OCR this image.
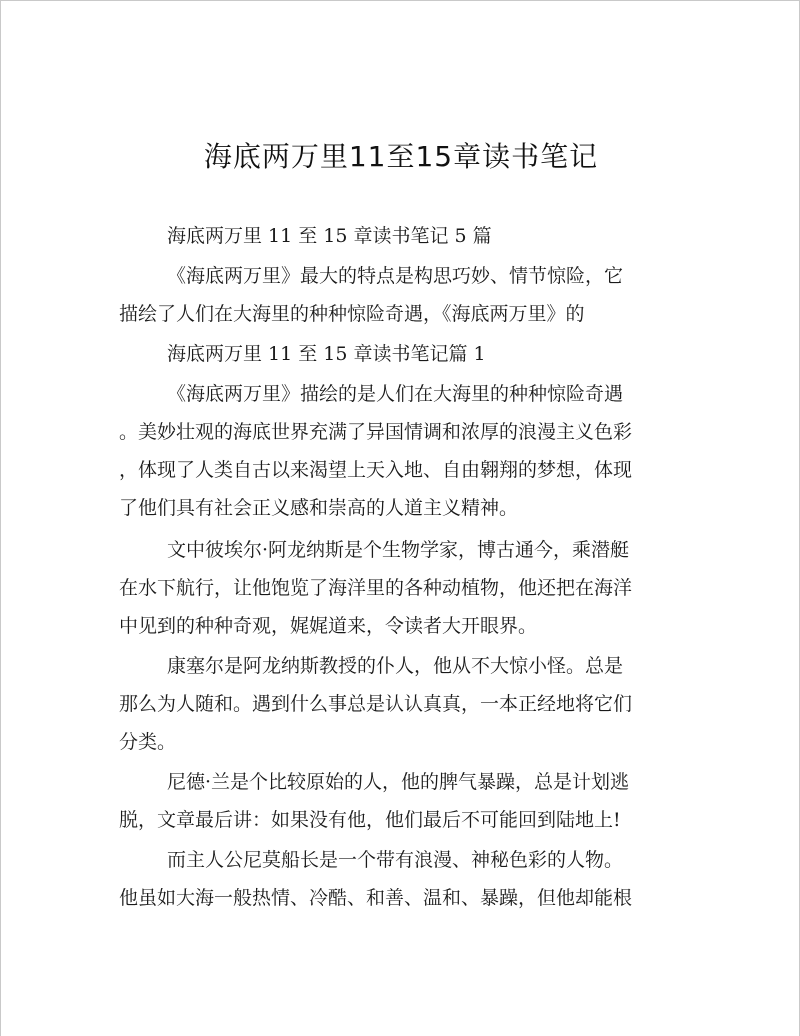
海底两万里11至15章读书笔记
海底两万里 11 至 15 章读书笔记 5 篇
《海底两万里》最大的特点是构思巧妙、情节惊险，它
描绘了人们在大海里的种种惊险奇遇，《海底两万里》的
海底两万里 11 至 15 章读书笔记篇 1
《海底两万里》描绘的是人们在大海里的种种惊险奇遇
。美妙壮观的海底世界充满了异国情调和浓厚的浪漫主义色彩
，体现了人类自古以来渴望上天入地、自由翱翔的梦想，体现
了他们具有社会正义感和崇高的人道主义精神。
文中彼埃尔·阿龙纳斯是个生物学家，博古通今，乘潜艇
在水下航行，让他饱览了海洋里的各种动植物，他还把在海洋
中见到的种种奇观，娓娓道来，令读者大开眼界。
康塞尔是阿龙纳斯教授的仆人，他从不大惊小怪。总是
那么为人随和。遇到什么事总是认认真真，一本正经地将它们
分类。
尼德·兰是个比较原始的人，他的脾气暴躁，总是计划逃
脱，文章最后讲：如果没有他，他们最后不可能回到陆地上!
而主人公尼莫船长是一个带有浪漫、神秘色彩的人物。
他虽如大海一般热情、冷酷、和善、温和、暴躁，但他却能根
